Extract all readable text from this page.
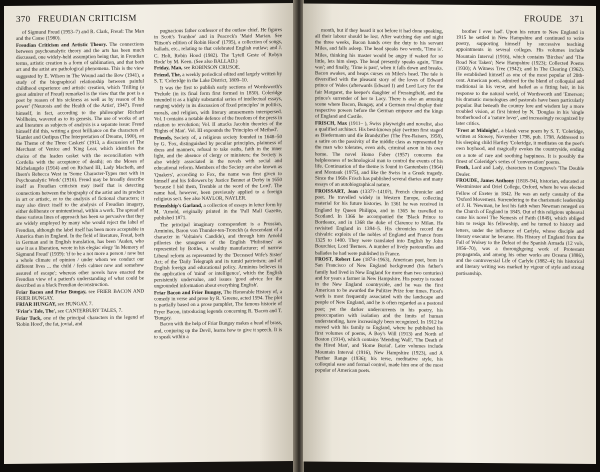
370 FREUDIAN CRITICISM

of Sigmund Freud (1953–7) and R. Clark, Freud: The Man and the Cause (1980).

Freudian Criticism and Artistic Theory. The connections between psychoanalytic theory and the arts has been much discussed, one widely-held assumption being that, in Freudian terms, artistic creation is a form of sublimation, and that both art and the artist are pathological phenomena. This is the view suggested by E. Wilson in The Wound and the Bow (1941), a study of the biographical relationship between painful childhood experience and artistic creation, which 'Trilling (a great admirer of Freud) remarked is the view that the poet is a poet by reason of his sickness as well as by reason of his power' ('Neurosis and the Health of the Artist', 1947). Freud himself, in fact, according to the philosopher Richard Wollheim, wavered as to its genesis. The use of works of art and literature as subjects of analysis is a separate issue: Freud himself did this, writing a great brilliance on the characters of 'Hamlet and Oedipus (The Interpretation of Dreams, 1900), on the Theme of the Three Caskets' (1913, a discussion of The Merchant of Venice and 'King Lear, which identifies the choice of the leaden casket with the reconciliation with Cordelia with the acceptance of death); on the Moses of Michelangelo (1914) and on Richard III, Lady Macbeth, and Ibsen's Rebecca West in 'Some Character-Types met with in Psychoanalytic Work' (1916). Freud may be broadly describe itself as Freudian criticism may itself that is detecting connections between the biography of the artist and its product in art or artistic, or to the analysis of fictional characters; it may also direct itself to the analysis of Freudian imagery, either deliberate or unintentional, within a work. The spread of these various lines of approach has been so pervasive that they are widely employed by many who would reject the label of Freudian, although the label itself has been more acceptable in America than in England. In the field of literature, Freud, both in German and in English translation, has been 'Auden, who saw it as a liberation, wrote in his elegiac elegy 'In Memory of Sigmund Freud' (1939): 'if to be a not more a person / now but a whole climate of opinion / under whom we conduct our different lives ... the child / feels calmer now and somehow assured of escape'; whereas other novels have enacted the Freudian view of a patient's understanding of what could be described as a black Freudian deconstruction.

Friar Bacon and Friar Bungay, see FRIER BACON AND FRIER BUNGAY.

FRIAR HUNGAY, see HUNGAY, 7.

'Friar's Tale, The', see CANTERBURY TALES, 7.

Friar Tuck, one of the principal characters in the legend of 'Robin Hood', the fat, jovial, and

pugnacious father confessor of the outlaw chief. He figures in Scott's 'Ivanhoe' and in Peacock's 'Maid Marian. See 'Ritson's edition of Robin Hood' (1795), a collection of songs, ballads, etc., relating to that celebrated English outlaw; and J. C. Holt, Robin Hood (1982). The 'Lytell Geste of Robyn Hode' by M. Keen. (See also BALLAD.)

Friday, Man, see ROBINSON CRUSOE.

Friend, The, a weekly periodical edited and largely written by S. T. 'Coleridge in the Lake District, 1809–10.

It was the first to publish early sections of Wordsworth's 'Prelude (in its final form first formed in 1850). Coleridge intended it as a highly substantial series of intellectual essays, ranging widely in its discussion of fixed principles' in politics, morals, and religion, with literary amusements interspersed. Vol. I contains a notable defence of the freedom of the press in relation to revolution; Vol. II attacks Jacobin theories of the 'Rights of Man'. Vol. III expounds the 'Principles of Method'.

Friends, Society of, a religious society founded in 1648–50 by G. 'Fox, distinguished by peculiar principles, plainness of dress and manners, refusal to take oaths, faith in the inner light, and the absence of clergy or ministers; the Society is also widely associated in the novels with social and educational reform. Members of the Society are also known as 'Quakers', according to Fox, the name was first given to himself and his followers by Justice Bennet at Derby in 1650 'because I bid them, Tremble at the word of the Lord'. The name had, however, been previously applied to a foreign religious sect. See also NAYLOR, NAYLER.

Friendship's Garland, a collection of essays in letter form by M. 'Arnold, originally printed in the 'Pall Mall Gazette, published 1871.

The principal imaginary correspondent is a Prussian, Arminius, Baron von Thunder-ten-Tronckh (a descendant of a character in 'Voltaire's Candide), and through him Arnold pillories the smugness of the English 'Philistines' as represented by Bottles, a wealthy manufacturer; of narrow Liberal reform as represented by the 'Deceased Wife's Sister' Act; of the 'Daily Telegraph and its tumid patriotism; and of English foreign and educational policy. Arminius believes in the application of 'mind' or intelligence', which the English persistently undervalue, and issues 'good advice for the ungrounded information about everything English'.

Friar Bacon and Frier Bungay, The Honorable History of, a comedy in verse and prose by R. 'Greene, acted 1594. The plot is partially based on a prose pamphlet, The famous historie of Fryer Bacon, introducing legends concerning R. 'Bacon and T. 'Bungay.

Bacon with the help of Friar Bungay makes a head of brass, and, conjuring up the Devil, learns how to give it speech. It is to speak within a

FROUDE 371

month, but if they heard it not before it had done speaking, all their labour should be lost. After watching day and night the three weeks, Bacon hands over the duty to his servant Miles, and falls asleep. The head speaks two words, 'Time is'. Miles, thinking his master would be angry if waked for so little, lets him sleep. The head presently speaks again, 'Time was'; and finally, 'Time is past', when it falls down and breaks. Bacon awakes, and heaps curses on Miles's head. The tale is diversified with the pleasant story of the loves of Edward prince of Wales (afterwards Edward I) and Lord Lacy for the fair Margaret, the keeper's daughter of Fressingfield, and the prince's surrender of her to Lacy. There is also an amusing scene where Bacon, Bungay, and a German rival display their respective powers before the German emperor and the kings of England and Castile.

FRISCH, Max (1911– ), Swiss playwright and novelist, also a qualified architect. His best-known play (written first staged as Biedermann und die Brandstifter (The Fire-Raisers, 1958), a satire on the passivity of the middle class as represented by the man who tolerates, even aids, criminal arson in his own home. The novel Homo Faber (1957) concerns the helplessness of technological man to control the events of his life. Continuation of the theme is found in Gantenbein (1964) and Montauk (1975), and like the Swiss in a Greek tragedy. Since the 1960s Frisch has published several diaries and many essays of an autobiographical nature.

FROISSART, Jean (1337?–1410?), French chronicler and poet. He travelled widely in Western Europe, collecting material for his future histories. In 1361 he was received in England by Queen Philippa, and in 1365 he travelled to Scotland. In 1366 he accompanied the 'Black Prince to Bordeaux, and in 1368 the duke of Clarence to Milan. He revisited England in 1394–5. His chronicles record the chivalric exploits of the nobles of England and France from 1325 to 1400. They were translated into English by John Bourchier, Lord 'Berners. A number of lively pastourelles and ballades he had were published in France.

FROST, Robert Lee (1874–1963), American poet, born in San Francisco of New England background (his father's family had lived in New England for more than two centuries) and for years a farmer in New Hampshire. His poetry is rooted in the New England countryside, and he was the first American to be awarded the Pulitzer Prize four times. Frost's work is most frequently associated with the landscape and people of New England, and he is often regarded as a pastoral poet; yet the darker undercurrents in his poetry, his preoccupation with isolation and the limits of human understanding, have increasingly been recognized. In 1912 he moved with his family to England, where he published his first volumes of poems, A Boy's Will (1913) and North of Boston (1914), which contains 'Mending Wall', 'The Death of the Hired Man', and 'Home Burial'. Later volumes include Mountain Interval (1916), New Hampshire (1923), and A Further Range (1936); his terse, meditative style, his colloquial ease and formal control, made him one of the most popular of American poets.

brother I ever had'. Upon his return to New England in 1915 he settled in New Hampshire and continued to write poetry, supporting himself by successive teaching appointments in several colleges. His volumes include Mountain Interval (1916), which contains 'Birches' and 'The Road Not Taken'; New Hampshire (1923); Collected Poems (1930); A Witness Tree (1942); and In The Clearing (1962). He established himself as one of the most popular of 20th-cent. American poets, admired for the blend of colloquial and traditional in his verse, and hailed as a fitting heir, in his response to the natural world, of Wordsworth and 'Emerson; his dramatic monologues and pastorals have been particularly popular. But beneath the country lore and wisdom lay a more troubled vision, at first hinted by N. 'Douglas in his 'single brotherhood of a 'nature lover', and increasingly recognized by later critics.

'Frost at Midnight', a blank verse poem by S. T. 'Coleridge, written at Stowey, November 1798, pub. 1798. Addressed to his sleeping child Hartley 'Coleridge, it meditates on the poet's own boyhood, and magically evokes the countryside, ending on a note of rare and soothing happiness. It is possibly the finest of Coleridge's series of 'conversation' poems.

Froth, Lord and Lady, characters in Congreve's 'The Double Dealer.

FROUDE, James Anthony (1818–94), historian, educated at Westminster and Oriel College, Oxford, where he was elected Fellow of Exeter in 1842. He was an early casualty of the 'Oxford Movement. Surrendering to the charismatic leadership of J. H. 'Newman, he lost his faith when Newman reneged on the Church of England in 1845. Out of this religious upheaval came his novel The Nemesis of Faith (1849), which obliged him to resign his fellowship, and he turned to history and letters, under the influence of Carlyle, whose disciple and literary executor he became. His History of England from the Fall of Wolsey to the Defeat of the Spanish Armada (12 vols, 1856–70), was a thoroughgoing work of Protestant propaganda, and among his other works are Oceana (1886), and the controversial Life of Carlyle (1882–4); his historical and literary writing was marked by vigour of style and strong partisanship.
